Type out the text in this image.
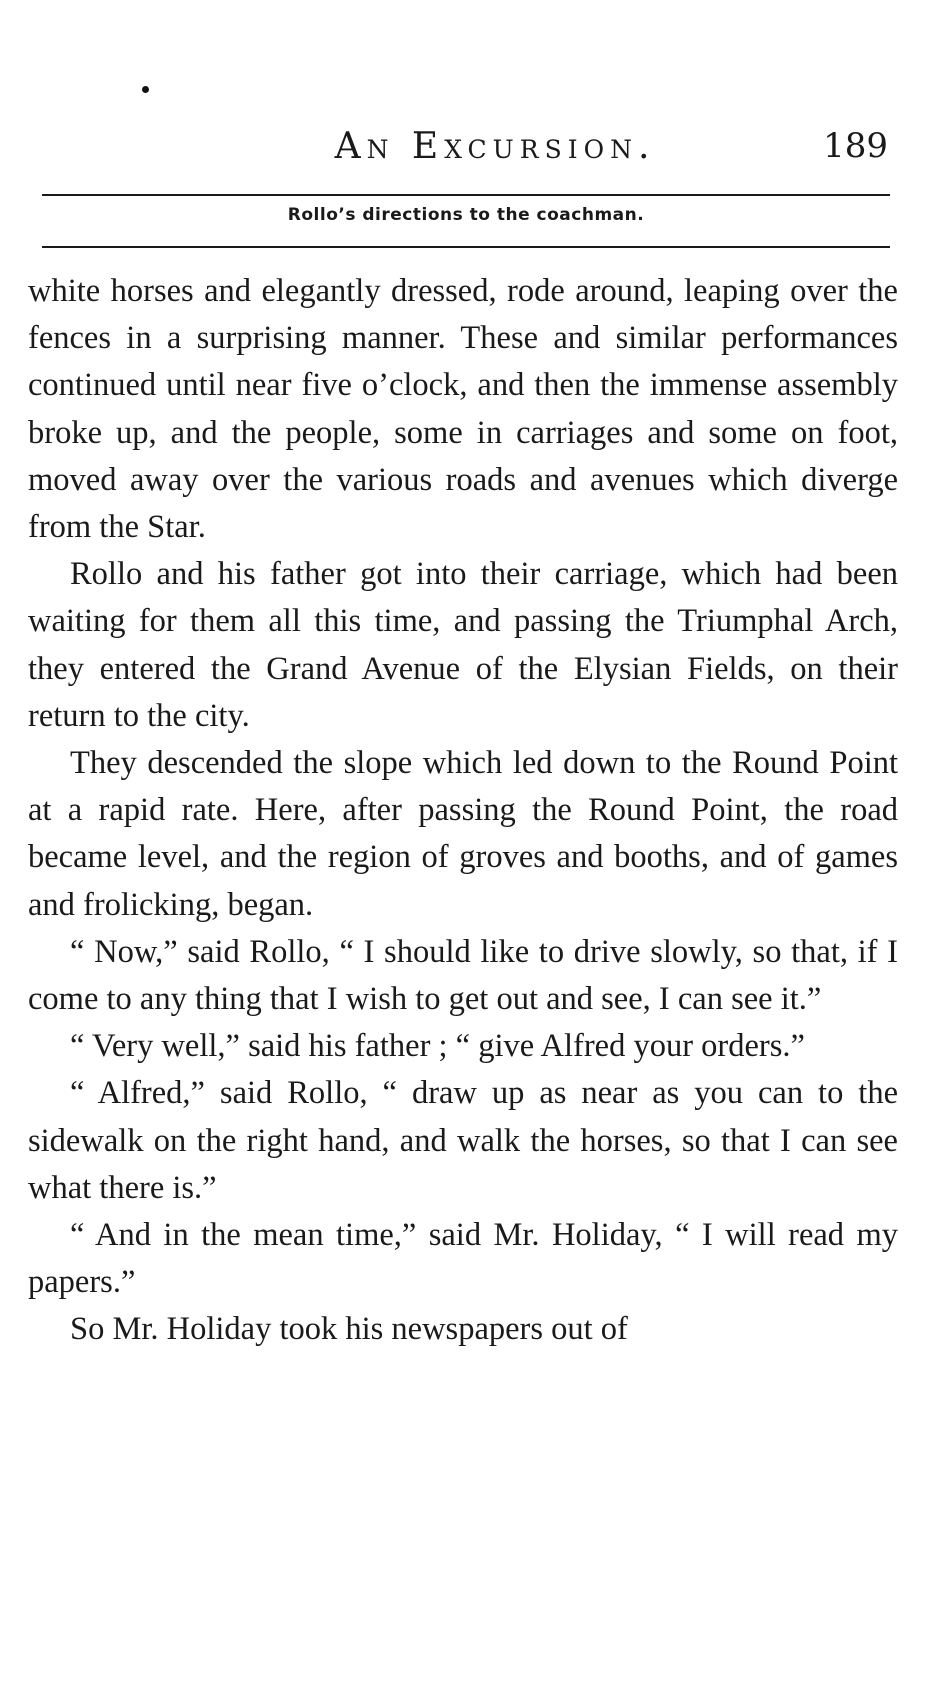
An Excursion.	189
Rollo’s directions to the coachman.

white horses and elegantly dressed, rode around, leaping over the fences in a surprising manner. These and similar performances continued until near five o’clock, and then the immense assembly broke up, and the people, some in carriages and some on foot, moved away over the various roads and avenues which diverge from the Star.

Rollo and his father got into their carriage, which had been waiting for them all this time, and passing the Triumphal Arch, they entered the Grand Avenue of the Elysian Fields, on their return to the city.

They descended the slope which led down to the Round Point at a rapid rate. Here, after passing the Round Point, the road became level, and the region of groves and booths, and of games and frolicking, began.

“ Now,” said Rollo, “ I should like to drive slowly, so that, if I come to any thing that I wish to get out and see, I can see it.”

“ Very well,” said his father ; “ give Alfred your orders.”

“ Alfred,” said Rollo, “ draw up as near as you can to the sidewalk on the right hand, and walk the horses, so that I can see what there is.”

“ And in the mean time,” said Mr. Holiday, “ I will read my papers.”

So Mr. Holiday took his newspapers out of
